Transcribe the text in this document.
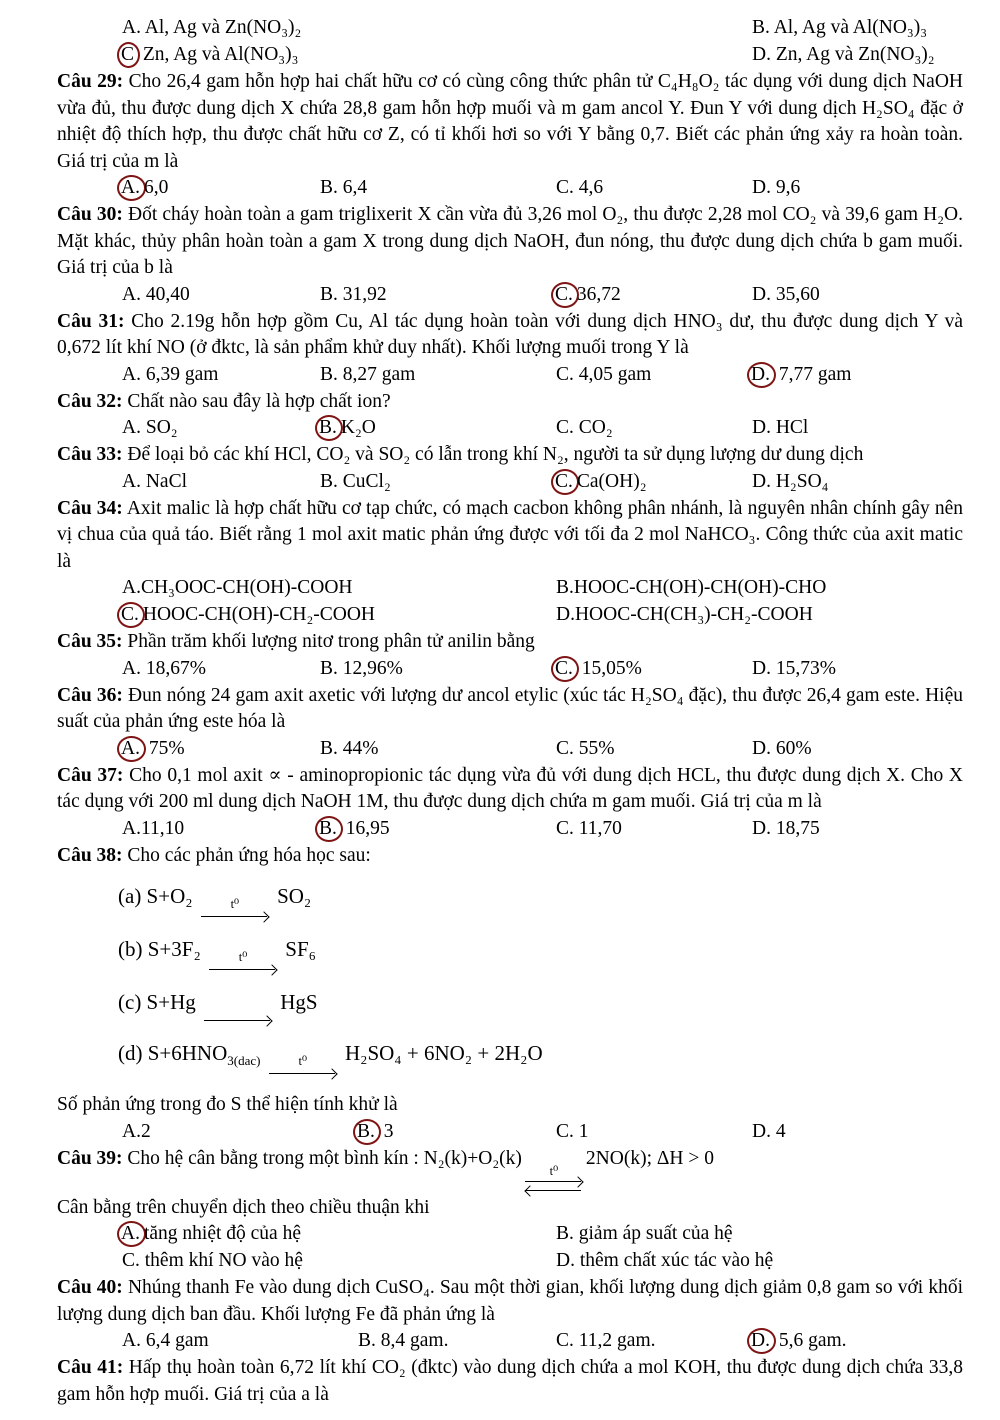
A. Al, Ag và Zn(NO₃)₂	B. Al, Ag và Al(NO₃)₃
C Zn, Ag và Al(NO₃)₃	D. Zn, Ag và Zn(NO₃)₂

Câu 29: Cho 26,4 gam hỗn hợp hai chất hữu cơ có cùng công thức phân tử C₄H₈O₂ tác dụng với dung dịch NaOH vừa đủ, thu được dung dịch X chứa 28,8 gam hỗn hợp muối và m gam ancol Y. Đun Y với dung dịch H₂SO₄ đặc ở nhiệt độ thích hợp, thu được chất hữu cơ Z, có tỉ khối hơi so với Y bằng 0,7. Biết các phản ứng xảy ra hoàn toàn. Giá trị của m là

A. 6,0	B. 6,4	C. 4,6	D. 9,6

Câu 30: Đốt cháy hoàn toàn a gam triglixerit X cần vừa đủ 3,26 mol O₂, thu được 2,28 mol CO₂ và 39,6 gam H₂O. Mặt khác, thủy phân hoàn toàn a gam X trong dung dịch NaOH, đun nóng, thu được dung dịch chứa b gam muối. Giá trị của b là

A. 40,40	B. 31,92	C. 36,72	D. 35,60

Câu 31: Cho 2.19g hỗn hợp gồm Cu, Al tác dụng hoàn toàn với dung dịch HNO₃ dư, thu được dung dịch Y và 0,672 lít khí NO (ở đktc, là sản phẩm khử duy nhất). Khối lượng muối trong Y là

A. 6,39 gam	B. 8,27 gam	C. 4,05 gam	D. 7,77 gam

Câu 32: Chất nào sau đây là hợp chất ion?

A. SO₂	B. K₂O	C. CO₂	D. HCl

Câu 33: Để loại bỏ các khí HCl, CO₂ và SO₂ có lẫn trong khí N₂, người ta sử dụng lượng dư dung dịch

A. NaCl	B. CuCl₂	C. Ca(OH)₂	D. H₂SO₄

Câu 34: Axit malic là hợp chất hữu cơ tạp chức, có mạch cacbon không phân nhánh, là nguyên nhân chính gây nên vị chua của quả táo. Biết rằng 1 mol axit matic phản ứng được với tối đa 2 mol NaHCO₃. Công thức của axit matic là

A.CH₃OOC-CH(OH)-COOH	B.HOOC-CH(OH)-CH(OH)-CHO
C. HOOC-CH(OH)-CH₂-COOH	D.HOOC-CH(CH₃)-CH₂-COOH

Câu 35: Phần trăm khối lượng nitơ trong phân tử anilin bằng

A. 18,67%	B. 12,96%	C. 15,05%	D. 15,73%

Câu 36: Đun nóng 24 gam axit axetic với lượng dư ancol etylic (xúc tác H₂SO₄ đặc), thu được 26,4 gam este. Hiệu suất của phản ứng este hóa là

A. 75%	B. 44%	C. 55%	D. 60%

Câu 37: Cho 0,1 mol axit ∝ - aminopropionic tác dụng vừa đủ với dung dịch HCL, thu được dung dịch X. Cho X tác dụng với 200 ml dung dịch NaOH 1M, thu được dung dịch chứa m gam muối. Giá trị của m là

A.11,10	B. 16,95	C. 11,70	D. 18,75

Câu 38: Cho các phản ứng hóa học sau:

(a) S+O₂	t⁰ SO₂
(b) S+3F₂	t⁰ SF₆
(c) S+Hg	HgS
(d) $S+6HNO_{3(dac)}$	t⁰ H₂SO₄ + 6NO₂ + 2H₂O

Số phản ứng trong đo S thể hiện tính khử là

A.2	B. 3	C. 1	D. 4

Câu 39: Cho hệ cân bằng trong một bình kín : N₂(k)+O₂(k)
t⁰
2NO(k); ΔH > 0

Cân bằng trên chuyển dịch theo chiều thuận khi

A. tăng nhiệt độ của hệ	B. giảm áp suất của hệ
C. thêm khí NO vào hệ	D. thêm chất xúc tác vào hệ

Câu 40: Nhúng thanh Fe vào dung dịch CuSO₄. Sau một thời gian, khối lượng dung dịch giảm 0,8 gam so với khối lượng dung dịch ban đầu. Khối lượng Fe đã phản ứng là

A. 6,4 gam	B. 8,4 gam.	C. 11,2 gam.	D. 5,6 gam.

Câu 41: Hấp thụ hoàn toàn 6,72 lít khí CO₂ (đktc) vào dung dịch chứa a mol KOH, thu được dung dịch chứa 33,8 gam hỗn hợp muối. Giá trị của a là
